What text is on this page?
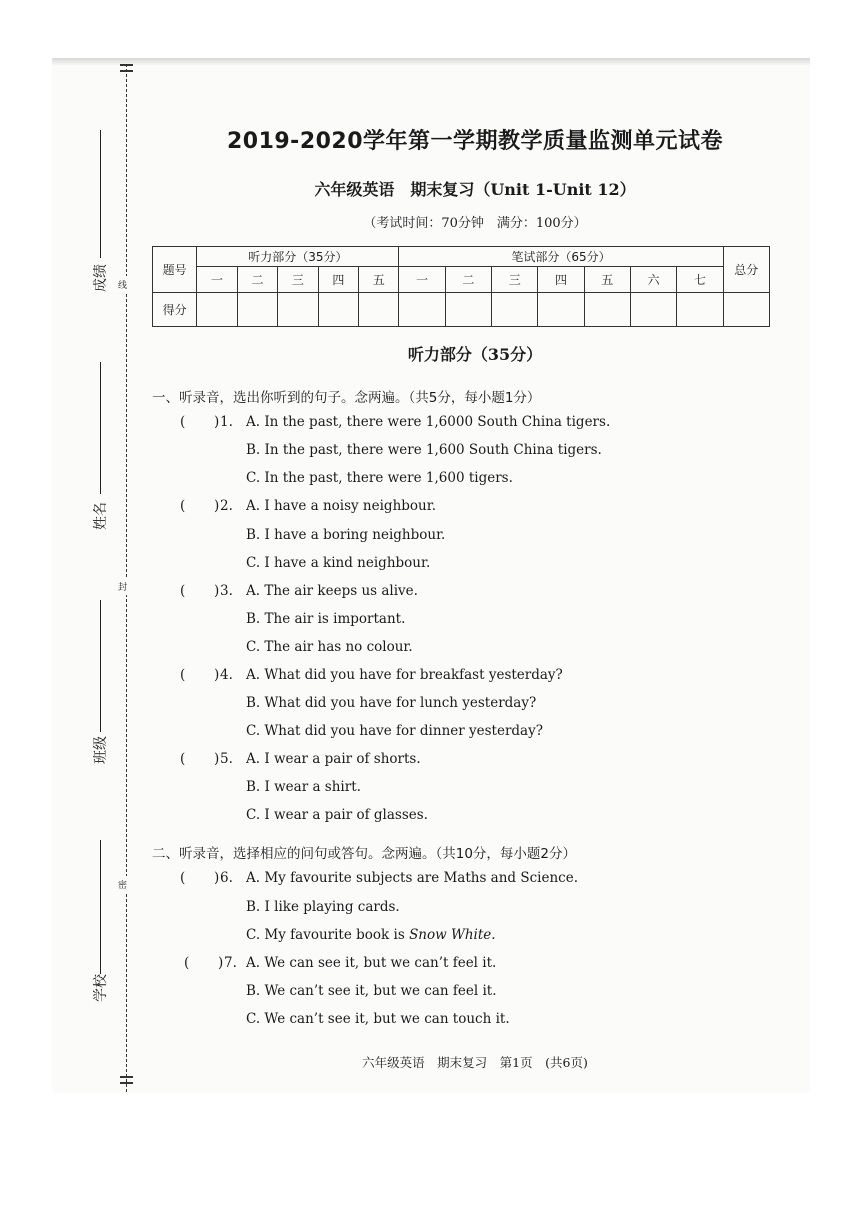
线
封
密
成绩
姓名
班级
学校
2019-2020学年第一学期教学质量监测单元试卷
六年级英语　期末复习（Unit 1-Unit 12）
（考试时间：70分钟　满分：100分）
题号	听力部分（35分）					笔试部分（65分）							总分
	一	二	三	四	五	一	二	三	四	五	六	七	
得分													
听力部分（35分）
一、听录音，选出你听到的句子。念两遍。（共5分，每小题1分）
( ) 1. A. In the past, there were 1,6000 South China tigers.
B. In the past, there were 1,600 South China tigers.
C. In the past, there were 1,600 tigers.
( ) 2. A. I have a noisy neighbour.
B. I have a boring neighbour.
C. I have a kind neighbour.
( ) 3. A. The air keeps us alive.
B. The air is important.
C. The air has no colour.
( ) 4. A. What did you have for breakfast yesterday?
B. What did you have for lunch yesterday?
C. What did you have for dinner yesterday?
( ) 5. A. I wear a pair of shorts.
B. I wear a shirt.
C. I wear a pair of glasses.
二、听录音，选择相应的问句或答句。念两遍。（共10分，每小题2分）
( ) 6. A. My favourite subjects are Maths and Science.
B. I like playing cards.
C. My favourite book is Snow White.
( ) 7. A. We can see it, but we can’t feel it.
B. We can’t see it, but we can feel it.
C. We can’t see it, but we can touch it.
六年级英语　期末复习　第1页　(共6页)
